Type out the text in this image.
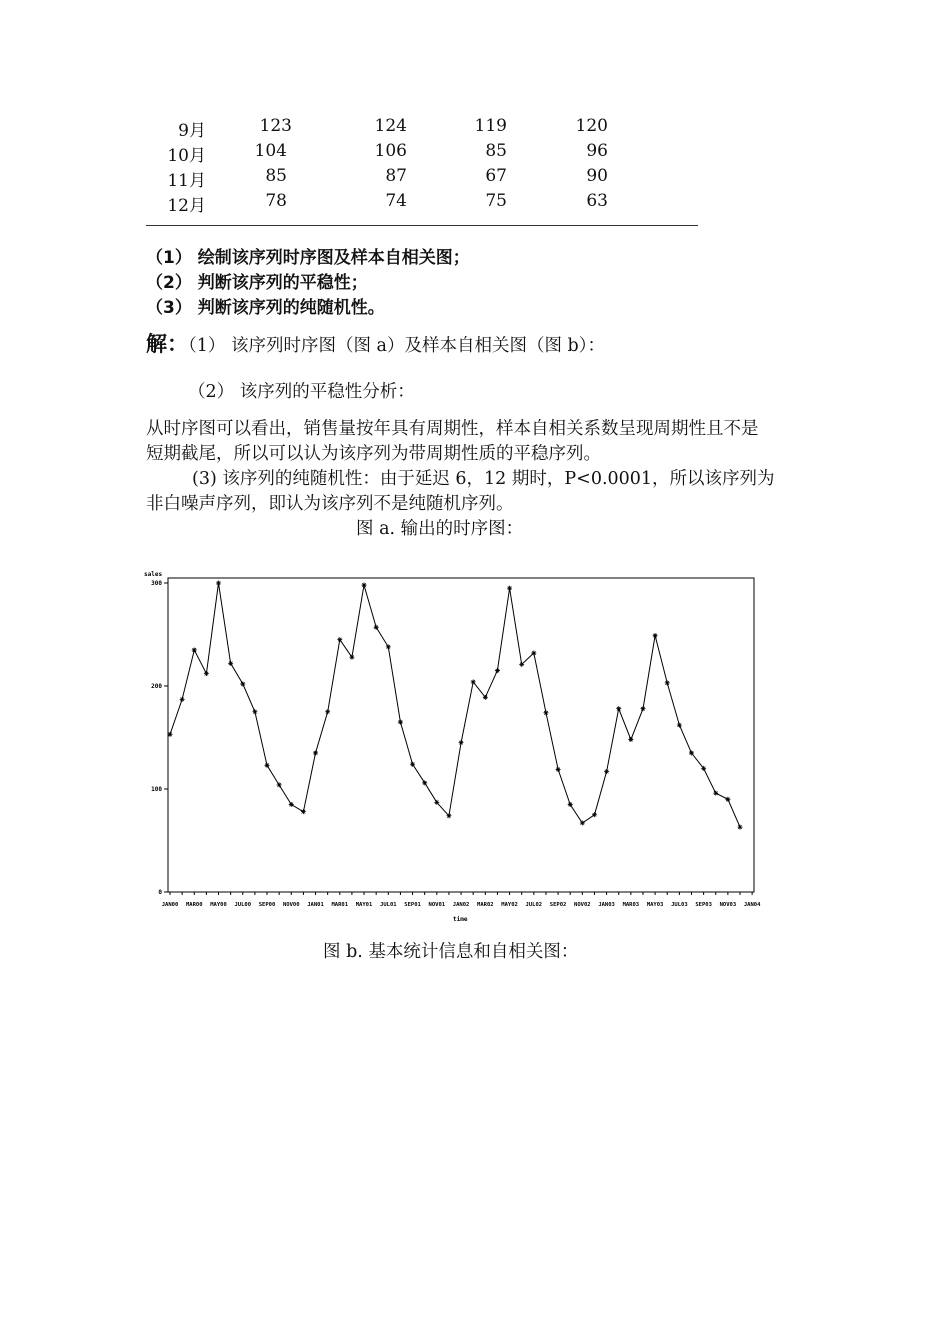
9月	123	124	119	120
10月	104	106	85	96
11月	85	87	67	90
12月	78	74	75	63
（1） 绘制该序列时序图及样本自相关图；
（2） 判断该序列的平稳性；
（3） 判断该序列的纯随机性。
解：（1） 该序列时序图（图 a）及样本自相关图（图 b）：
（2） 该序列的平稳性分析：
从时序图可以看出，销售量按年具有周期性，样本自相关系数呈现周期性且不是
短期截尾，所以可以认为该序列为带周期性质的平稳序列。
(3) 该序列的纯随机性：由于延迟 6，12 期时，P<0.0001，所以该序列为
非白噪声序列，即认为该序列不是纯随机序列。
图 a. 输出的时序图：
sales
time
0
100
200
300
JAN00 MAR00 MAY00 JUL00 SEP00 NOV00 JAN01 MAR01 MAY01 JUL01 SEP01 NOV01 JAN02 MAR02 MAY02 JUL02 SEP02 NOV02 JAN03 MAR03 MAY03 JUL03 SEP03 NOV03 JAN04
图 b. 基本统计信息和自相关图：
